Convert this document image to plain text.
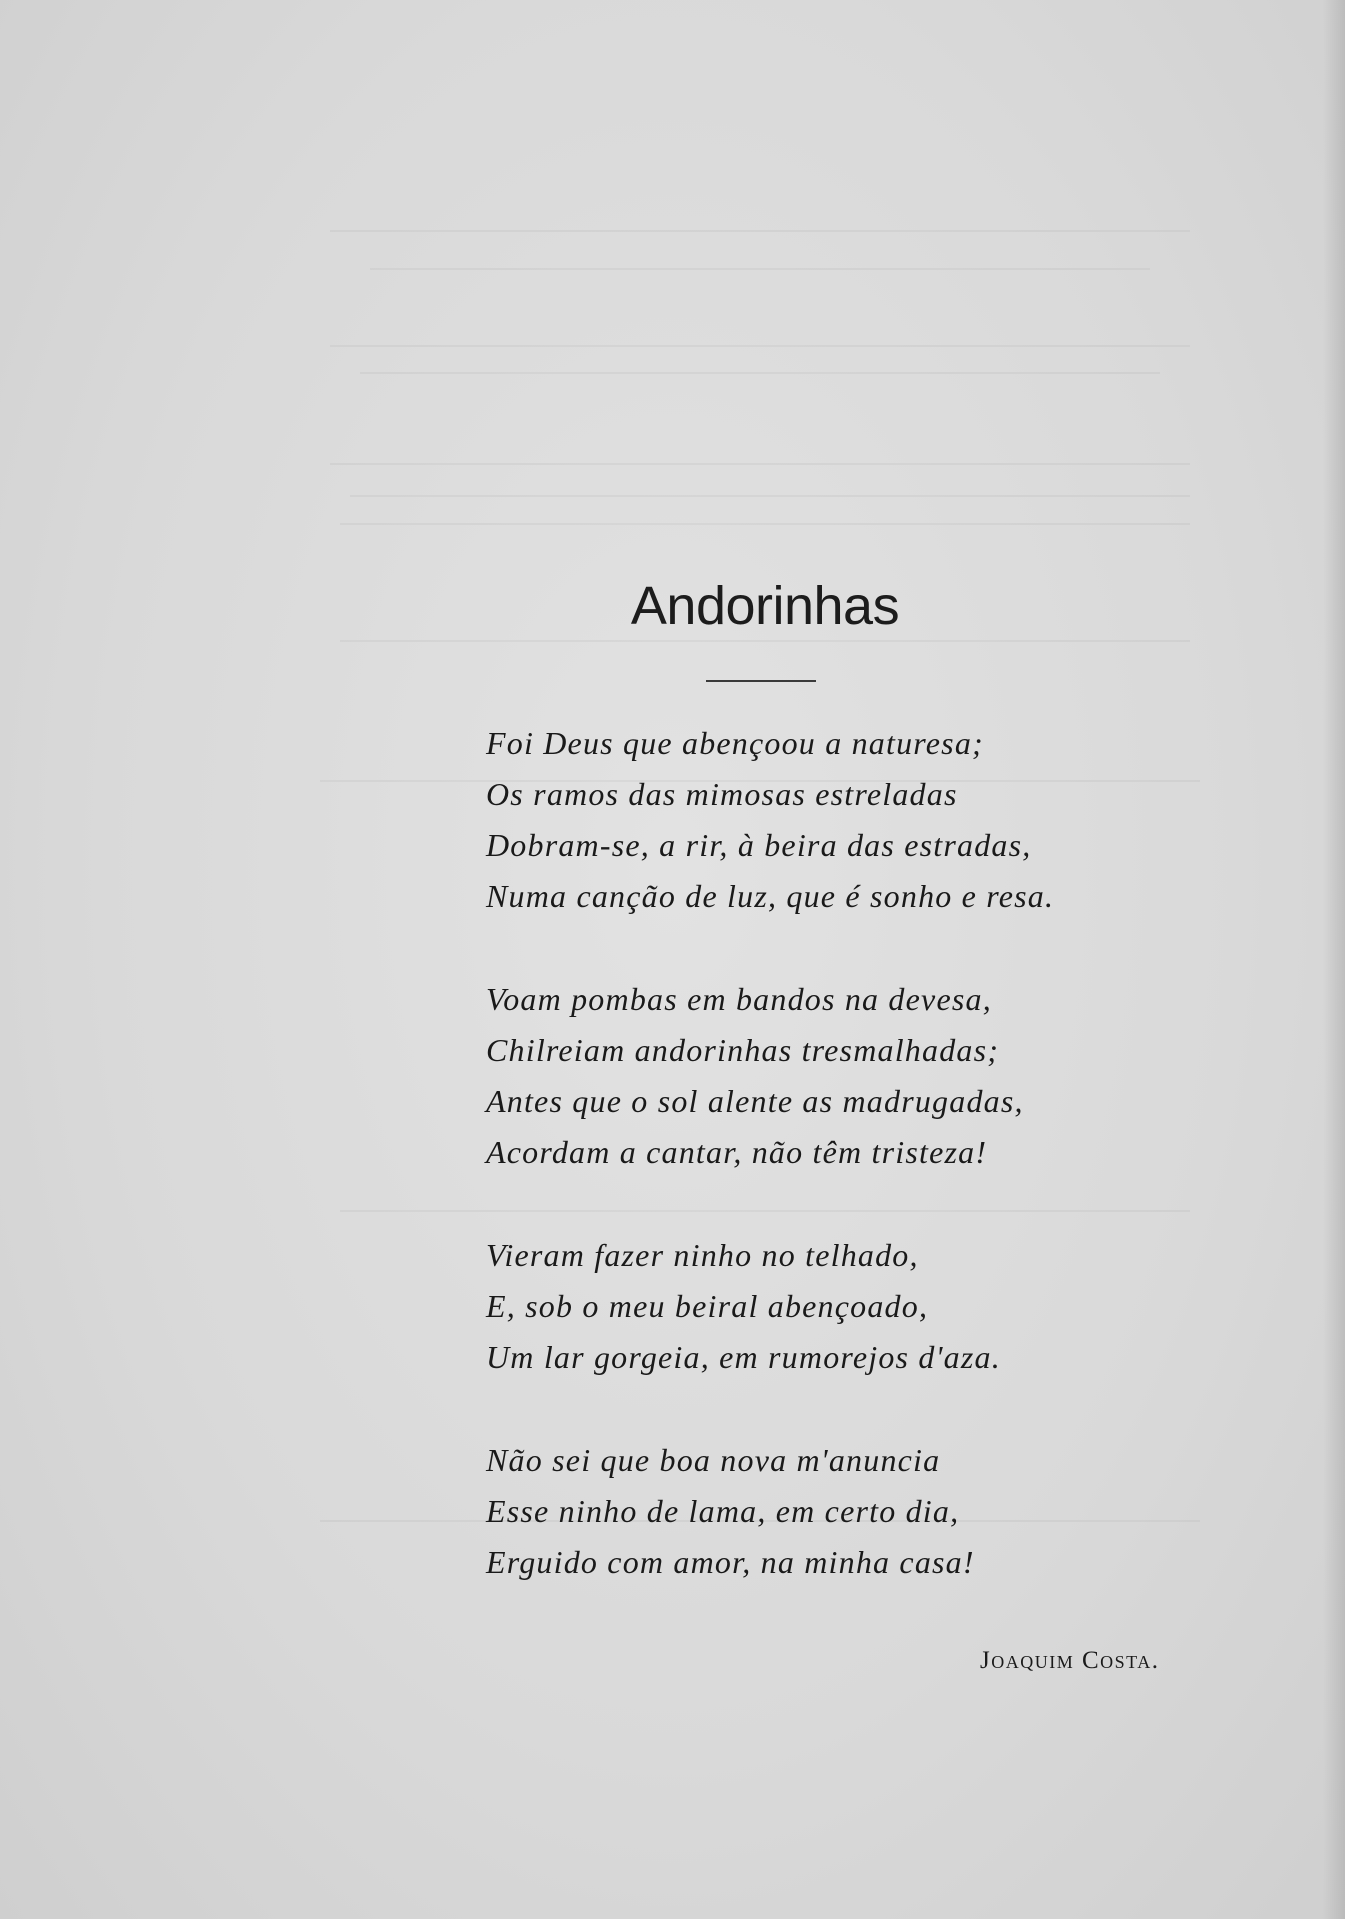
Andorinhas
Foi Deus que abençoou a naturesa;
Os ramos das mimosas estreladas
Dobram-se, a rir, à beira das estradas,
Numa canção de luz, que é sonho e resa.
Voam pombas em bandos na devesa,
Chilreiam andorinhas tresmalhadas;
Antes que o sol alente as madrugadas,
Acordam a cantar, não têm tristeza!
Vieram fazer ninho no telhado,
E, sob o meu beiral abençoado,
Um lar gorgeia, em rumorejos d'aza.
Não sei que boa nova m'anuncia
Esse ninho de lama, em certo dia,
Erguido com amor, na minha casa!
Joaquim Costa.
